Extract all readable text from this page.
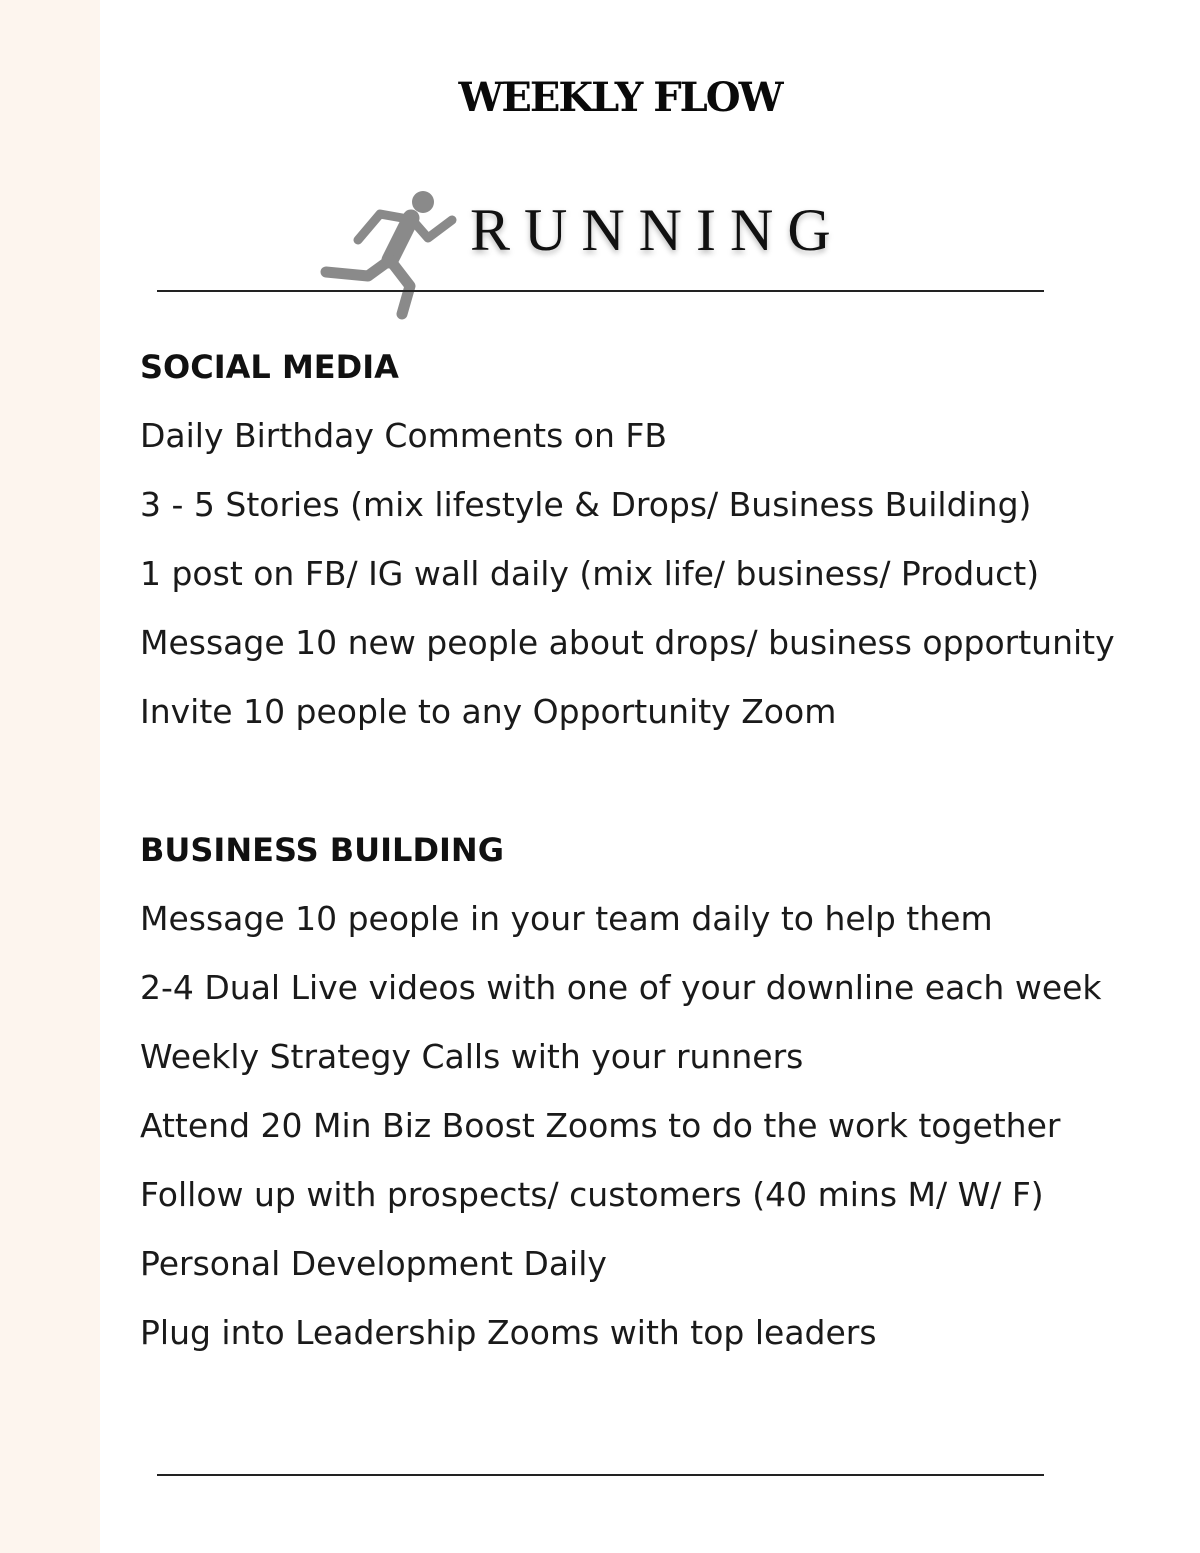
WEEKLY FLOW
RUNNING
SOCIAL MEDIA

Daily Birthday Comments on FB

3 - 5 Stories (mix lifestyle & Drops/ Business Building)

1 post on FB/ IG wall daily (mix life/ business/ Product)

Message 10 new people about drops/ business opportunity

Invite 10 people to any Opportunity Zoom

BUSINESS BUILDING

Message 10 people in your team daily to help them

2-4 Dual Live videos with one of your downline each week

Weekly Strategy Calls with your runners

Attend 20 Min Biz Boost Zooms to do the work together

Follow up with prospects/ customers (40 mins M/ W/ F)

Personal Development Daily

Plug into Leadership Zooms with top leaders
